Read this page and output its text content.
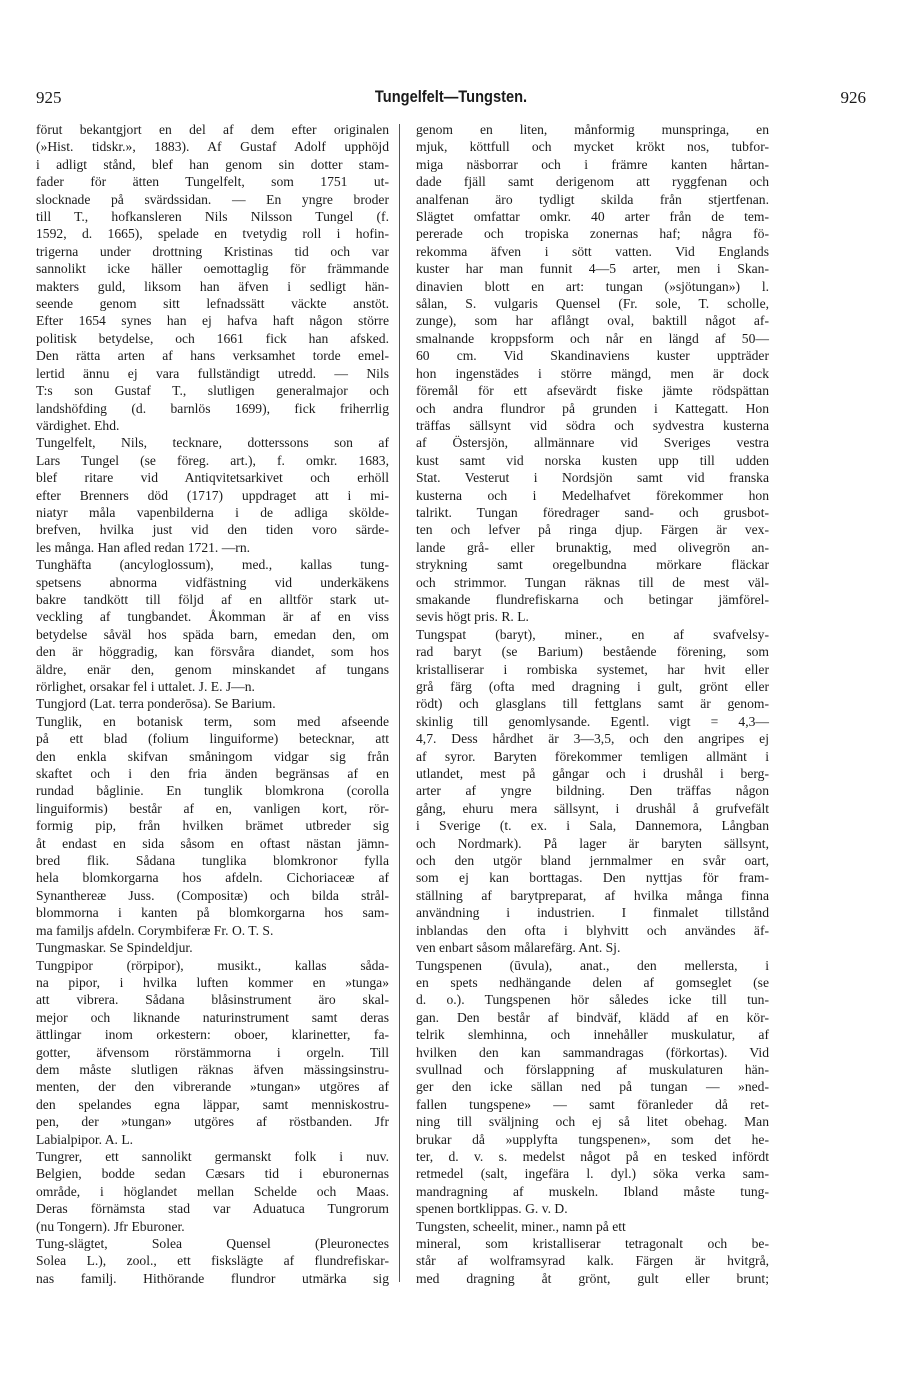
925	Tungelfelt—Tungsten.	926
förut bekantgjort en del af dem efter originalen
(»Hist. tidskr.», 1883). Af Gustaf Adolf upphöjd
i adligt stånd, blef han genom sin dotter stam-
fader för ätten Tungelfelt, som 1751 ut-
slocknade på svärdssidan. — En yngre broder
till T., hofkansleren Nils Nilsson Tungel (f.
1592, d. 1665), spelade en tvetydig roll i hofin-
trigerna under drottning Kristinas tid och var
sannolikt icke häller oemottaglig för främmande
makters guld, liksom han äfven i sedligt hän-
seende genom sitt lefnadssätt väckte anstöt.
Efter 1654 synes han ej hafva haft någon större
politisk betydelse, och 1661 fick han afsked.
Den rätta arten af hans verksamhet torde emel-
lertid ännu ej vara fullständigt utredd. — Nils
T:s son Gustaf T., slutligen generalmajor och
landshöfding (d. barnlös 1699), fick friherrlig
värdighet. Ehd.
Tungelfelt, Nils, tecknare, dotterssons son af
Lars Tungel (se föreg. art.), f. omkr. 1683,
blef ritare vid Antiqvitetsarkivet och erhöll
efter Brenners död (1717) uppdraget att i mi-
niatyr måla vapenbilderna i de adliga sköldе-
brefven, hvilka just vid den tiden voro särde-
les många. Han afled redan 1721. —rn.
Tunghäfta (ancyloglossum), med., kallas tung-
spetsens abnorma vidfästning vid underkäkens
bakre tandkött till följd af en alltför stark ut-
veckling af tungbandet. Åkomman är af en viss
betydelse såväl hos späda barn, emedan den, om
den är höggradig, kan försvåra diandet, som hos
äldre, enär den, genom minskandet af tungans
rörlighet, orsakar fel i uttalet. J. E. J—n.
Tungjord (Lat. terra ponderōsa). Se Barium.
Tunglik, en botanisk term, som med afseende
på ett blad (folium linguiforme) betecknar, att
den enkla skifvan småningom vidgar sig från
skaftet och i den fria änden begränsas af en
rundad båglinie. En tunglik blomkrona (corolla
linguiformis) består af en, vanligen kort, rör-
formig pip, från hvilken brämet utbreder sig
åt endast en sida såsom en oftast nästan jämn-
bred flik. Sådana tunglika blomkronor fylla
hela blomkorgarna hos afdeln. Cichoriaceæ af
Synanthereæ Juss. (Compositæ) och bilda strål-
blommorna i kanten på blomkorgarna hos sam-
ma familjs afdeln. Corymbiferæ Fr. O. T. S.
Tungmaskar. Se Spindeldjur.
Tungpipor (rörpipor), musikt., kallas såda-
na pipor, i hvilka luften kommer en »tunga»
att vibrera. Sådana blåsinstrument äro skal-
mejor och liknande naturinstrument samt deras
ättlingar inom orkestern: oboer, klarinetter, fa-
gotter, äfvensom rörstämmorna i orgeln. Till
dem måste slutligen räknas äfven mässingsinstru-
menten, der den vibrerande »tungan» utgöres af
den spelandes egna läppar, samt menniskostru-
pen, der »tungan» utgöres af röstbanden. Jfr
Labialpipor. A. L.
Tungrer, ett sannolikt germanskt folk i nuv.
Belgien, bodde sedan Cæsars tid i eburonernas
område, i höglandet mellan Schelde och Maas.
Deras förnämsta stad var Aduatuca Tungrorum
(nu Tongern). Jfr Eburoner.
Tung-slägtet, Solea Quensel (Pleuronectes
Solea L.), zool., ett fiskslägte af flundrefiskar-
nas familj. Hithörande flundror utmärka sig
genom en liten, månformig munspringa, en
mjuk, köttfull och mycket krökt nos, tubfor-
miga näsborrar och i främre kanten hårtan-
dade fjäll samt derigenom att ryggfenan och
analfenan äro tydligt skilda från stjertfenan.
Slägtet omfattar omkr. 40 arter från de tem-
pererade och tropiska zonernas haf; några fö-
rekomma äfven i sött vatten. Vid Englands
kuster har man funnit 4—5 arter, men i Skan-
dinavien blott en art: tungan (»sjötungan») l.
sålan, S. vulgaris Quensel (Fr. sole, T. scholle,
zunge), som har aflångt oval, baktill något af-
smalnande kroppsform och når en längd af 50—
60 cm. Vid Skandinaviens kuster uppträder
hon ingenstädes i större mängd, men är dock
föremål för ett afsevärdt fiske jämte rödspättan
och andra flundror på grunden i Kattegatt. Hon
träffas sällsynt vid södra och sydvestra kusterna
af Östersjön, allmännare vid Sveriges vestra
kust samt vid norska kusten upp till udden
Stat. Vesterut i Nordsjön samt vid franska
kusterna och i Medelhafvet förekommer hon
talrikt. Tungan föredrager sand- och grusbot-
ten och lefver på ringa djup. Färgen är vex-
lande grå- eller brunaktig, med olivegrön an-
strykning samt oregelbundna mörkare fläckar
och strimmor. Tungan räknas till de mest väl-
smakande flundrefiskarna och betingar jämförel-
sevis högt pris. R. L.
Tungspat (baryt), miner., en af svafvelsy-
rad baryt (se Barium) bestående förening, som
kristalliserar i rombiska systemet, har hvit eller
grå färg (ofta med dragning i gult, grönt eller
rödt) och glasglans till fettglans samt är genom-
skinlig till genomlysande. Egentl. vigt = 4,3—
4,7. Dess hårdhet är 3—3,5, och den angripes ej
af syror. Baryten förekommer temligen allmänt i
utlandet, mest på gångar och i drushål i berg-
arter af yngre bildning. Den träffas någon
gång, ehuru mera sällsynt, i drushål å grufvefält
i Sverige (t. ex. i Sala, Dannemora, Långban
och Nordmark). På lager är baryten sällsynt,
och den utgör bland jernmalmer en svår oart,
som ej kan borttagas. Den nyttjas för fram-
ställning af barytpreparat, af hvilka många finna
användning i industrien. I finmalet tillstånd
inblandas den ofta i blyhvitt och användes äf-
ven enbart såsom målarefärg. Ant. Sj.
Tungspenen (ūvula), anat., den mellersta, i
en spets nedhängande delen af gomseglet (se
d. o.). Tungspenen hör således icke till tun-
gan. Den består af bindväf, klädd af en kör-
telrik slemhinna, och innehåller muskulatur, af
hvilken den kan sammandragas (förkortas). Vid
svullnad och förslappning af muskulaturen hän-
ger den icke sällan ned på tungan — »ned-
fallen tungspene» — samt föranleder då ret-
ning till sväljning och ej så litet obehag. Man
brukar då »upplyfta tungspenen», som det he-
ter, d. v. s. medelst något på en tesked infördt
retmedel (salt, ingefära l. dyl.) söka verka sam-
mandragning af muskeln. Ibland måste tung-
spenen bortklippas. G. v. D.
Tungsten, scheelit, miner., namn på ett
mineral, som kristalliserar tetragonalt och be-
står af wolframsyrad kalk. Färgen är hvitgrå,
med dragning åt grönt, gult eller brunt;
